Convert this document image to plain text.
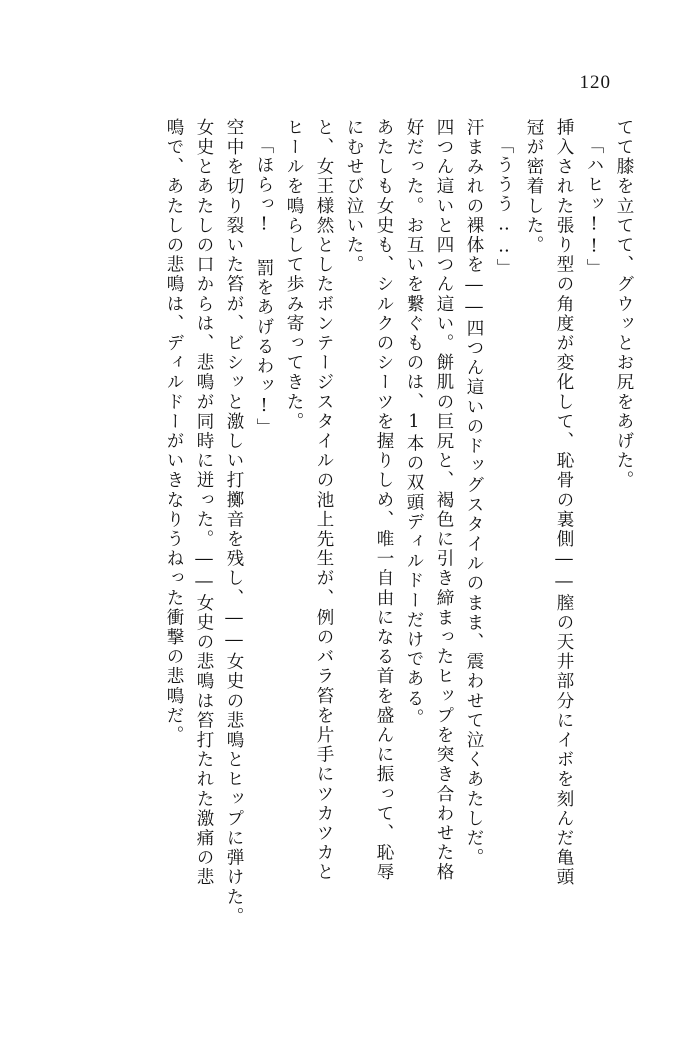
120
てて膝を立てて、グウッとお尻をあげた。
「ハヒッ!!」
挿入された張り型の角度が変化して、恥骨の裏側――膣の天井部分にイボを刻んだ亀頭
冠が密着した。
「ううう‥‥」
汗まみれの裸体を――四つん這いのドッグスタイルのまま、震わせて泣くあたしだ。
四つん這いと四つん這い。餅肌の巨尻と、褐色に引き締まったヒップを突き合わせた格
好だった。お互いを繋ぐものは、1本の双頭ディルドーだけである。
あたしも女史も、シルクのシーツを握りしめ、唯一自由になる首を盛んに振って、恥辱
にむせび泣いた。
と、女王様然としたボンテージスタイルの池上先生が、例のバラ笞を片手にツカツカと
ヒールを鳴らして歩み寄ってきた。
「ほらっ! 罰をあげるわッ!」
空中を切り裂いた笞が、ビシッと激しい打擲音を残し、――女史の悲鳴とヒップに弾けた。
女史とあたしの口からは、悲鳴が同時に迸った。――女史の悲鳴は笞打たれた激痛の悲
鳴で、あたしの悲鳴は、ディルドーがいきなりうねった衝撃の悲鳴だ。
